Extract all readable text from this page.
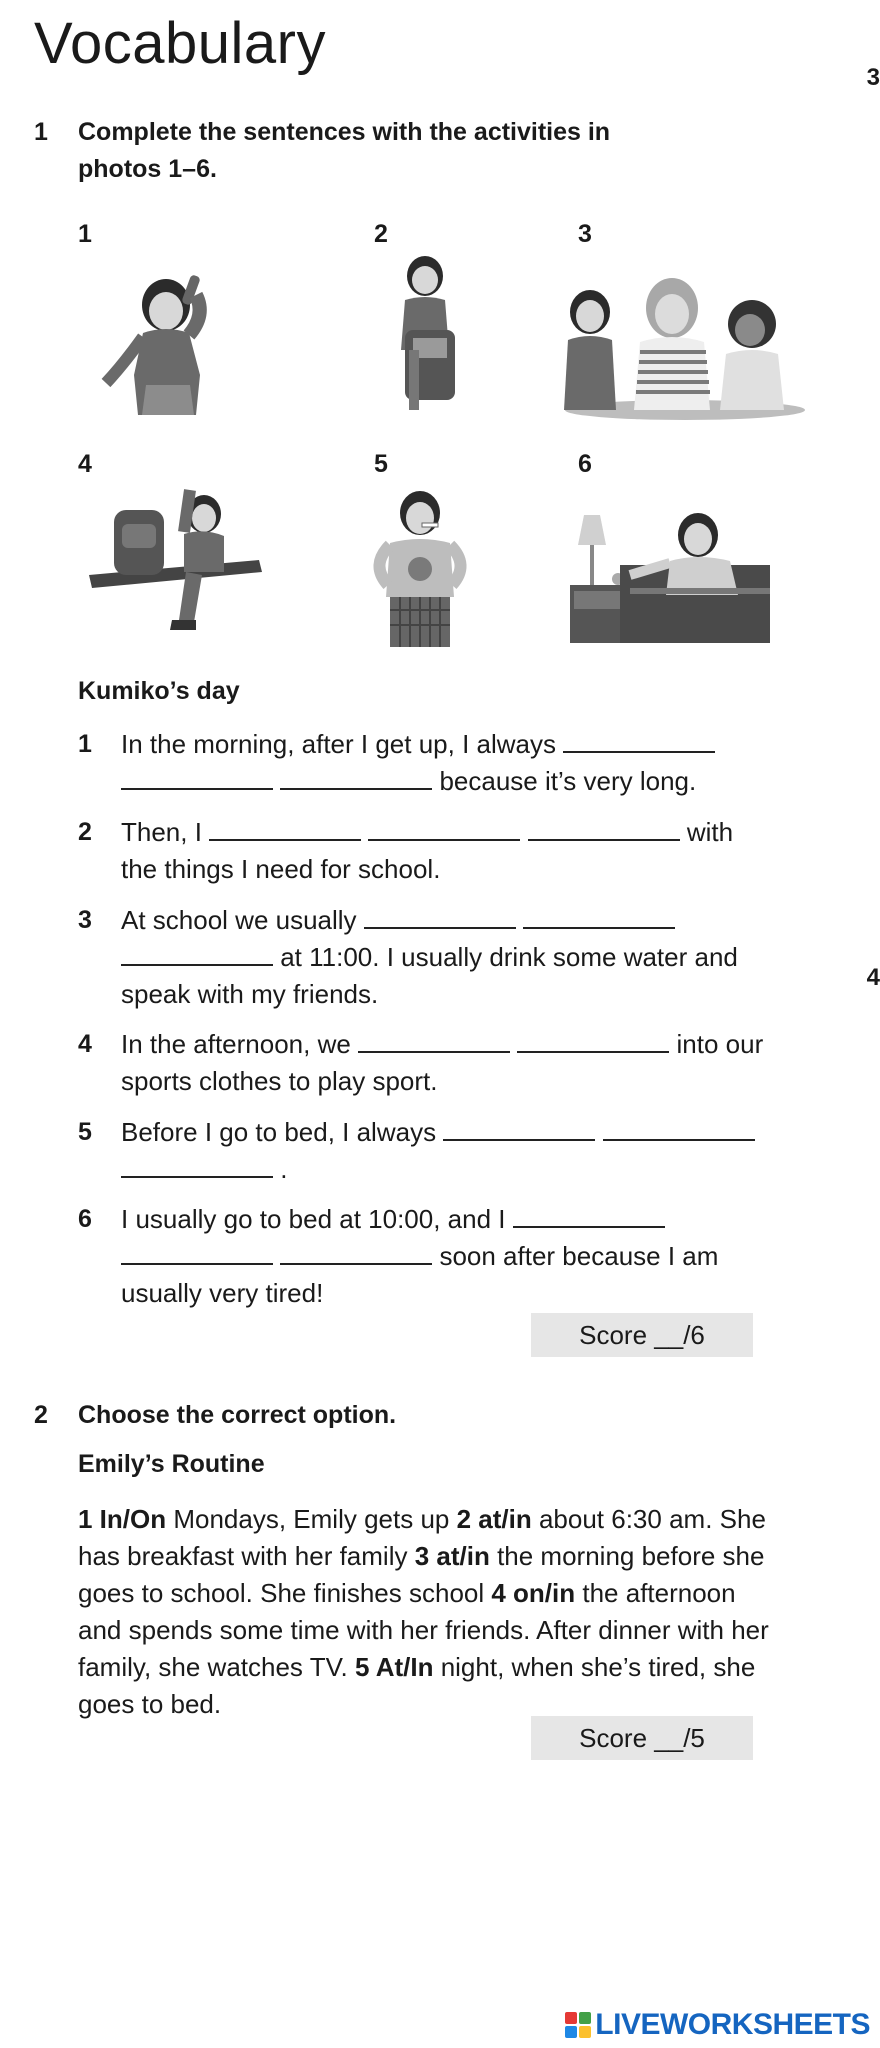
Vocabulary
3
4
1 Complete the sentences with the activities in photos 1–6.
1	2	3
4	5	6
Kumiko’s day
1 In the morning, after I get up, I always    because it’s very long.
2 Then, I	with the things I need for school.
3 At school we usually    at 11:00. I usually drink some water and speak with my friends.
4 In the afternoon, we	into our sports clothes to play sport.
5 Before I go to bed, I always    .
6 I usually go to bed at 10:00, and I    soon after because I am usually very tired!
Score __/6
2 Choose the correct option.
Emily’s Routine
1 In/On Mondays, Emily gets up 2 at/in about 6:30 am. She has breakfast with her family 3 at/in the morning before she goes to school. She finishes school 4 on/in the afternoon and spends some time with her friends. After dinner with her family, she watches TV. 5 At/In night, when she’s tired, she goes to bed.
Score __/5
LIVEWORKSHEETS
